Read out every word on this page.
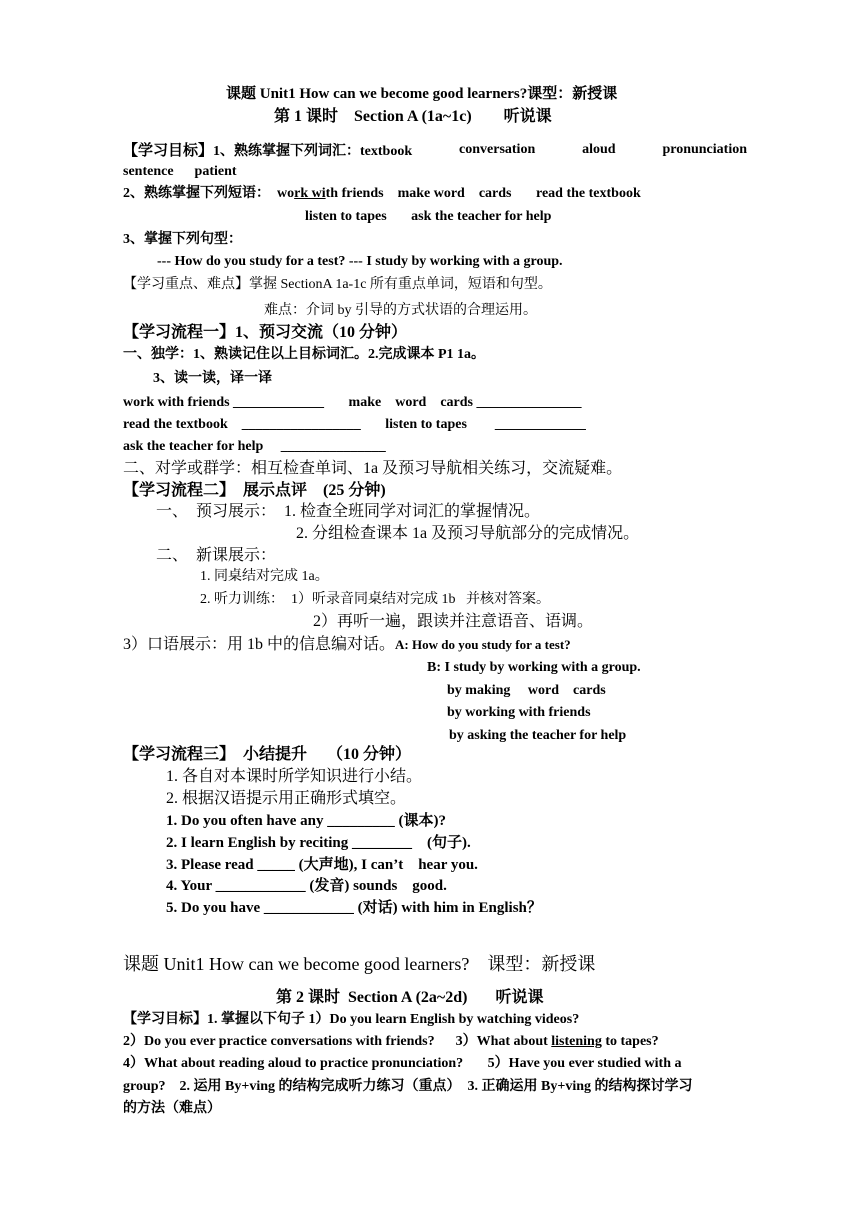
课题 Unit1 How can we become good learners?课型：新授课
第 1 课时 Section A (1a~1c) 听说课
【学习目标】1、熟练掌握下列词汇：textbook	conversation	aloud	pronunciation
sentence      patient
2、熟练掌握下列短语： work with friends    make word    cards       read the textbook
listen to tapes       ask the teacher for help
3、掌握下列句型：
--- How do you study for a test? --- I study by working with a group.
【学习重点、难点】掌握 SectionA 1a-1c 所有重点单词，短语和句型。
难点：介词 by 引导的方式状语的合理运用。
【学习流程一】1、预习交流（10 分钟）
一、独学：1、熟读记住以上目标词汇。2.完成课本 P1 1a。
3、读一读，译一译
work with friends _____________       make    word    cards _______________
read the textbook    _________________       listen to tapes        _____________
ask the teacher for help     _______________
二、对学或群学：相互检查单词、1a 及预习导航相关练习，交流疑难。
【学习流程二】  展示点评    (25 分钟)
一、  预习展示：  1. 检查全班同学对词汇的掌握情况。
2. 分组检查课本 1a 及预习导航部分的完成情况。
二、  新课展示：
1. 同桌结对完成 1a。
2. 听力训练：  1）听录音同桌结对完成 1b   并核对答案。
2）再听一遍，跟读并注意语音、语调。
3）口语展示：用 1b 中的信息编对话。A: How do you study for a test?
B: I study by working with a group.
by making     word    cards
by working with friends
by asking the teacher for help
【学习流程三】  小结提升     （10 分钟）
1. 各自对本课时所学知识进行小结。
2. 根据汉语提示用正确形式填空。
1. Do you often have any _________ (课本)?
2. I learn English by reciting ________    (句子).
3. Please read _____ (大声地), I can’t    hear you.
4. Your ____________ (发音) sounds    good.
5. Do you have ____________ (对话) with him in English？
课题 Unit1 How can we become good learners?    课型：新授课
第 2 课时  Section A (2a~2d)       听说课
【学习目标】1. 掌握以下句子 1）Do you learn English by watching videos?
2）Do you ever practice conversations with friends?      3）What about listening to tapes?
4）What about reading aloud to practice pronunciation?       5）Have you ever studied with a
group?    2. 运用 By+ving 的结构完成听力练习（重点）  3. 正确运用 By+ving 的结构探讨学习
的方法（难点）
